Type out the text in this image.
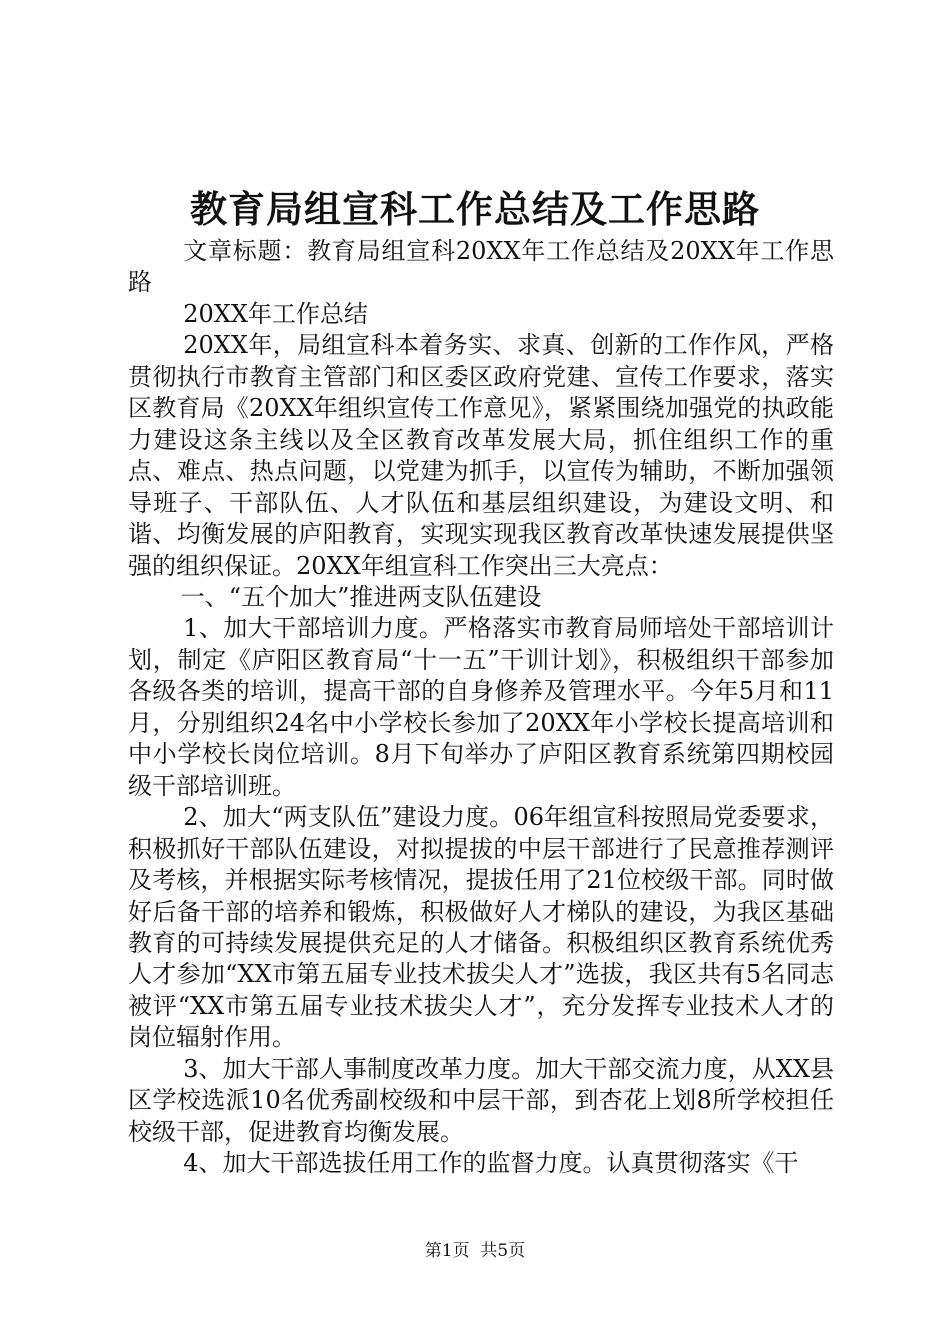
教育局组宣科工作总结及工作思路

文章标题：教育局组宣科20XX年工作总结及20XX年工作思路

20XX年工作总结

20XX年，局组宣科本着务实、求真、创新的工作作风，严格贯彻执行市教育主管部门和区委区政府党建、宣传工作要求，落实区教育局《20XX年组织宣传工作意见》，紧紧围绕加强党的执政能力建设这条主线以及全区教育改革发展大局，抓住组织工作的重点、难点、热点问题，以党建为抓手，以宣传为辅助，不断加强领导班子、干部队伍、人才队伍和基层组织建设，为建设文明、和谐、均衡发展的庐阳教育，实现实现我区教育改革快速发展提供坚强的组织保证。20XX年组宣科工作突出三大亮点：

一、“五个加大”推进两支队伍建设

1、加大干部培训力度。严格落实市教育局师培处干部培训计划，制定《庐阳区教育局“十一五”干训计划》，积极组织干部参加各级各类的培训，提高干部的自身修养及管理水平。今年5月和11月，分别组织24名中小学校长参加了20XX年小学校长提高培训和中小学校长岗位培训。8月下旬举办了庐阳区教育系统第四期校园级干部培训班。

2、加大“两支队伍”建设力度。06年组宣科按照局党委要求，积极抓好干部队伍建设，对拟提拔的中层干部进行了民意推荐测评及考核，并根据实际考核情况，提拔任用了21位校级干部。同时做好后备干部的培养和锻炼，积极做好人才梯队的建设，为我区基础教育的可持续发展提供充足的人才储备。积极组织区教育系统优秀人才参加“XX市第五届专业技术拔尖人才”选拔，我区共有5名同志被评“XX市第五届专业技术拔尖人才”，充分发挥专业技术人才的岗位辐射作用。

3、加大干部人事制度改革力度。加大干部交流力度，从XX县区学校选派10名优秀副校级和中层干部，到杏花上划8所学校担任校级干部，促进教育均衡发展。

4、加大干部选拔任用工作的监督力度。认真贯彻落实《干

第1页  共5页
